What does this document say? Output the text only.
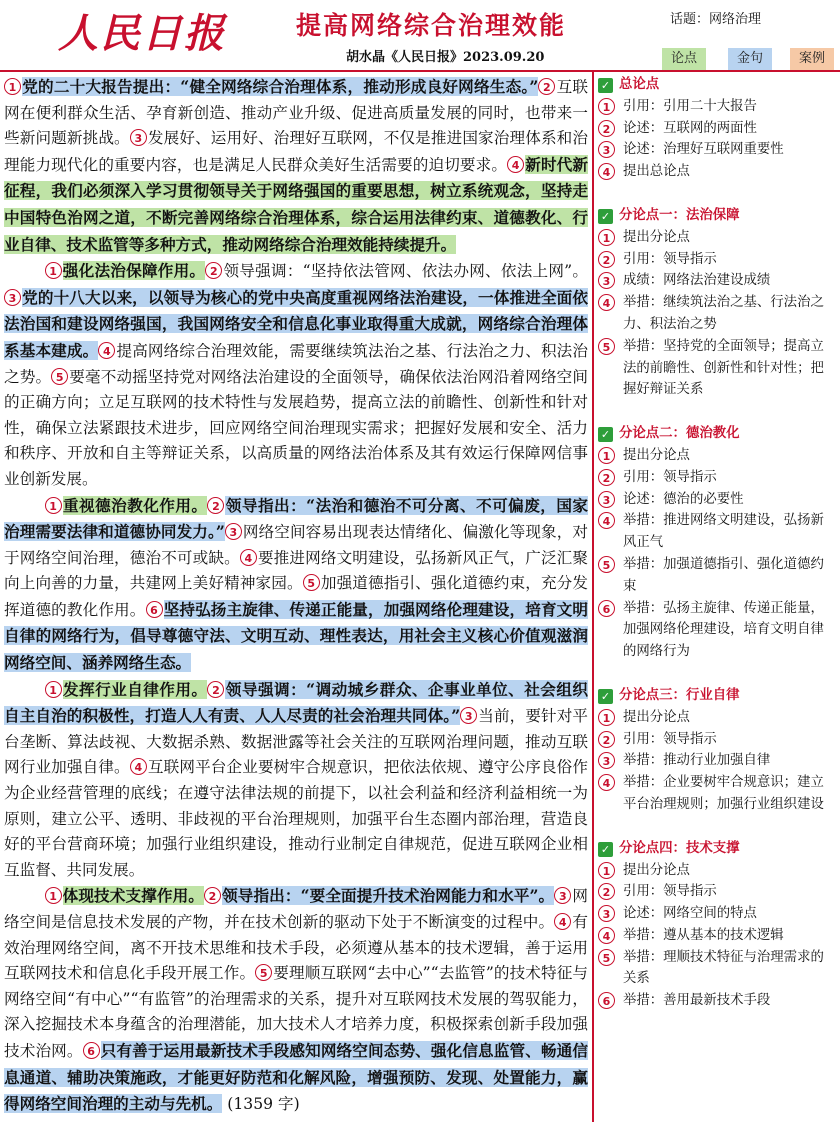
人民日报	提高网络综合治理效能
胡水晶《人民日报》2023.09.20
话题：网络治理
论点	金句	案例

1 党的二十大报告提出：“健全网络综合治理体系，推动形成良好网络生态。” 2 互联网在便利群众生活、孕育新创造、推动产业升级、促进高质量发展的同时，也带来一些新问题新挑战。 3 发展好、运用好、治理好互联网，不仅是推进国家治理体系和治理能力现代化的重要内容，也是满足人民群众美好生活需要的迫切要求。 4 新时代新征程，我们必须深入学习贯彻领导关于网络强国的重要思想，树立系统观念，坚持走中国特色治网之道，不断完善网络综合治理体系，综合运用法律约束、道德教化、行业自律、技术监管等多种方式，推动网络综合治理效能持续提升。

1 强化法治保障作用。 2 领导强调：“坚持依法管网、依法办网、依法上网”。3 党的十八大以来，以领导为核心的党中央高度重视网络法治建设，一体推进全面依法治国和建设网络强国，我国网络安全和信息化事业取得重大成就，网络综合治理体系基本建成。 4 提高网络综合治理效能，需要继续筑法治之基、行法治之力、积法治之势。 5 要毫不动摇坚持党对网络法治建设的全面领导，确保依法治网沿着网络空间的正确方向；立足互联网的技术特性与发展趋势，提高立法的前瞻性、创新性和针对性，确保立法紧跟技术进步，回应网络空间治理现实需求；把握好发展和安全、活力和秩序、开放和自主等辩证关系，以高质量的网络法治体系及其有效运行保障网信事业创新发展。

1 重视德治教化作用。 2 领导指出：“法治和德治不可分离、不可偏废，国家治理需要法律和道德协同发力。” 3 网络空间容易出现表达情绪化、偏激化等现象，对于网络空间治理，德治不可或缺。 4 要推进网络文明建设，弘扬新风正气，广泛汇聚向上向善的力量，共建网上美好精神家园。 5 加强道德指引、强化道德约束，充分发挥道德的教化作用。 6 坚持弘扬主旋律、传递正能量，加强网络伦理建设，培育文明自律的网络行为，倡导尊德守法、文明互动、理性表达，用社会主义核心价值观滋润网络空间、涵养网络生态。

1 发挥行业自律作用。 2 领导强调：“调动城乡群众、企事业单位、社会组织自主自治的积极性，打造人人有责、人人尽责的社会治理共同体。” 3 当前，要针对平台垄断、算法歧视、大数据杀熟、数据泄露等社会关注的互联网治理问题，推动互联网行业加强自律。 4 互联网平台企业要树牢合规意识，把依法依规、遵守公序良俗作为企业经营管理的底线；在遵守法律法规的前提下，以社会利益和经济利益相统一为原则，建立公平、透明、非歧视的平台治理规则，加强平台生态圈内部治理，营造良好的平台营商环境；加强行业组织建设，推动行业制定自律规范，促进互联网企业相互监督、共同发展。

1 体现技术支撑作用。 2 领导指出：“要全面提升技术治网能力和水平”。 3 网络空间是信息技术发展的产物，并在技术创新的驱动下处于不断演变的过程中。 4 有效治理网络空间，离不开技术思维和技术手段，必须遵从基本的技术逻辑，善于运用互联网技术和信息化手段开展工作。 5 要理顺互联网“去中心”“去监管”的技术特征与网络空间“有中心”“有监管”的治理需求的关系，提升对互联网技术发展的驾驭能力，深入挖掘技术本身蕴含的治理潜能，加大技术人才培养力度，积极探索创新手段加强技术治网。 6 只有善于运用最新技术手段感知网络空间态势、强化信息监管、畅通信息通道、辅助决策施政，才能更好防范和化解风险，增强预防、发现、处置能力，赢得网络空间治理的主动与先机。 (1359 字)

✓ 总论点
1 引用：引用二十大报告
2 论述：互联网的两面性
3 论述：治理好互联网重要性
4 提出总论点
✓ 分论点一：法治保障
1 提出分论点
2 引用：领导指示
3 成绩：网络法治建设成绩
4 举措：继续筑法治之基、行法治之力、积法治之势
5 举措：坚持党的全面领导；提高立法的前瞻性、创新性和针对性；把握好辩证关系
✓ 分论点二：德治教化
1 提出分论点
2 引用：领导指示
3 论述：德治的必要性
4 举措：推进网络文明建设，弘扬新风正气
5 举措：加强道德指引、强化道德约束
6 举措：弘扬主旋律、传递正能量，加强网络伦理建设，培育文明自律的网络行为
✓ 分论点三：行业自律
1 提出分论点
2 引用：领导指示
3 举措：推动行业加强自律
4 举措：企业要树牢合规意识；建立平台治理规则；加强行业组织建设
✓ 分论点四：技术支撑
1 提出分论点
2 引用：领导指示
3 论述：网络空间的特点
4 举措：遵从基本的技术逻辑
5 举措：理顺技术特征与治理需求的关系
6 举措：善用最新技术手段
